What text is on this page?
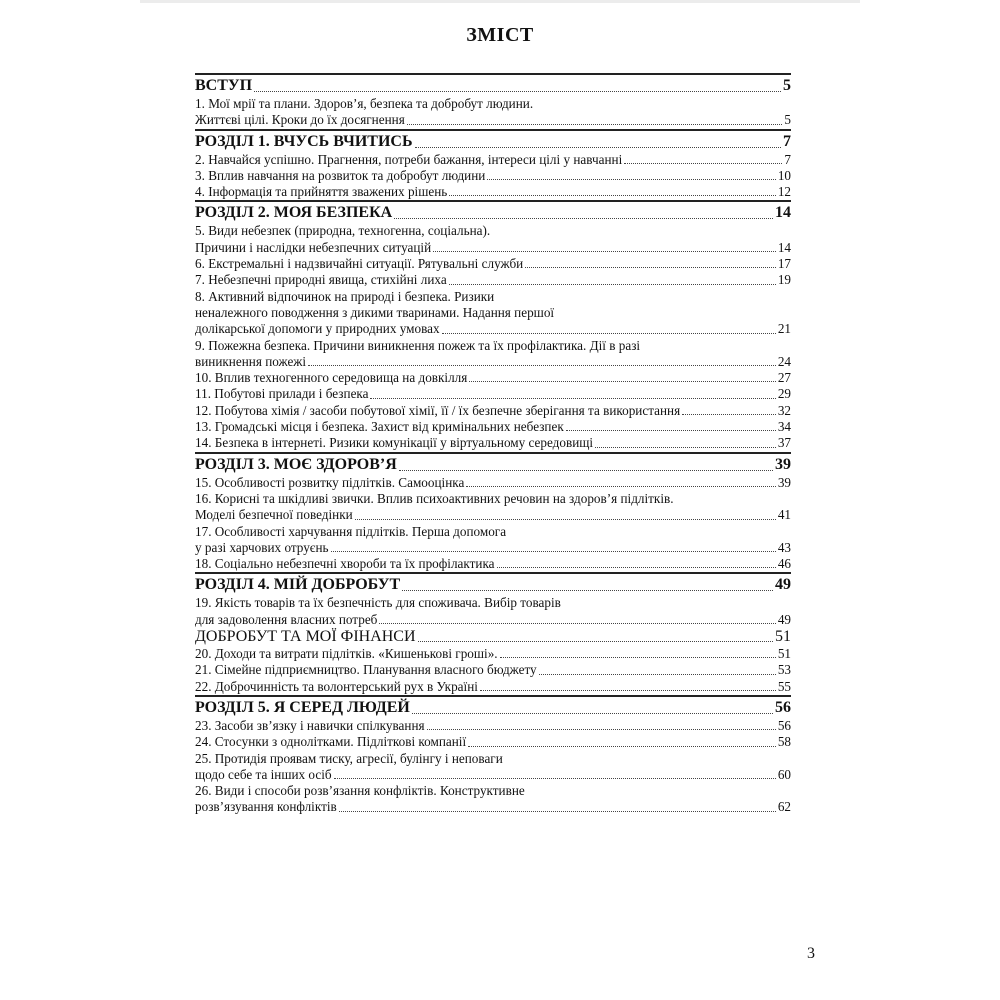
ЗМІСТ
ВСТУП	5
1. Мої мрії та плани. Здоров’я, безпека та добробут людини.
Життєві цілі. Кроки до їх досягнення	5
РОЗДІЛ 1. ВЧУСЬ ВЧИТИСЬ	7
2. Навчайся успішно. Прагнення, потреби бажання, інтереси цілі у навчанні	7
3. Вплив навчання на розвиток та добробут людини	10
4. Інформація та прийняття зважених рішень	12
РОЗДІЛ 2. МОЯ БЕЗПЕКА	14
5. Види небезпек (природна, техногенна, соціальна).
Причини і наслідки небезпечних ситуацій	14
6. Екстремальні і надзвичайні ситуації. Рятувальні служби	17
7. Небезпечні природні явища, стихійні лиха	19
8. Активний відпочинок на природі і безпека. Ризики
неналежного поводження з дикими тваринами. Надання першої
долікарської допомоги у природних умовах	21
9. Пожежна безпека. Причини виникнення пожеж та їх профілактика. Дії в разі
виникнення пожежі	24
10. Вплив техногенного середовища на довкілля	27
11. Побутові прилади і безпека	29
12. Побутова хімія / засоби побутової хімії, її / їх безпечне зберігання та використання	32
13. Громадські місця і безпека. Захист від кримінальних небезпек	34
14. Безпека в інтернеті. Ризики комунікації у віртуальному середовищі	37
РОЗДІЛ 3. МОЄ ЗДОРОВ’Я	39
15. Особливості розвитку підлітків. Самооцінка	39
16. Корисні та шкідливі звички. Вплив психоактивних речовин на здоров’я підлітків.
Моделі безпечної поведінки	41
17. Особливості харчування підлітків. Перша допомога
у разі харчових отруєнь	43
18. Соціально небезпечні хвороби та їх профілактика	46
РОЗДІЛ 4. МІЙ ДОБРОБУТ	49
19. Якість товарів та їх безпечність для споживача. Вибір товарів
для задоволення власних потреб	49
ДОБРОБУТ ТА МОЇ ФІНАНСИ	51
20. Доходи та витрати підлітків. «Кишенькові гроші».	51
21. Сімейне підприємництво. Планування власного бюджету	53
22. Доброчинність та волонтерський рух в Україні	55
РОЗДІЛ 5. Я СЕРЕД ЛЮДЕЙ	56
23. Засоби зв’язку і навички спілкування	56
24. Стосунки з однолітками. Підліткові компанії	58
25. Протидія проявам тиску, агресії, булінгу і неповаги
щодо себе та інших осіб	60
26. Види і способи розв’язання конфліктів. Конструктивне
розв’язування конфліктів	62
3
